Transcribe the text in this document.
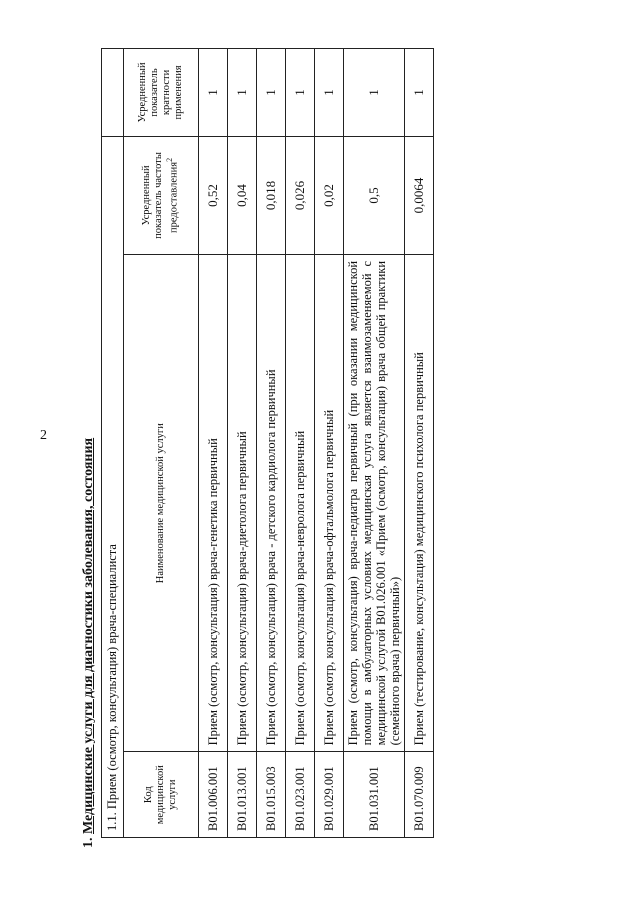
2
1. Медицинские услуги для диагностики заболевания, состояния 1.1. Прием (осмотр, консультация) врача-специалиста			
Код медицинской услуги	Наименование медицинской услуги	Усредненный показатель частоты предоставления$^2$	Усредненный показатель кратности применения
B01.006.001	Прием (осмотр, консультация) врача-генетика первичный	0,52	1
B01.013.001	Прием (осмотр, консультация) врача-диетолога первичный	0,04	1
B01.015.003	Прием (осмотр, консультация) врача - детского кардиолога первичный	0,018	1
B01.023.001	Прием (осмотр, консультация) врача-невролога первичный	0,026	1
B01.029.001	Прием (осмотр, консультация) врача-офтальмолога первичный	0,02	1
B01.031.001	Прием (осмотр, консультация) врача-педиатра первичный (при оказании медицинской помощи в амбулаторных условиях медицинская услуга является взаимозаменяемой с медицинской услугой B01.026.001 «Прием (осмотр, консультация) врача общей практики (семейного врача) первичный»)	0,5	1
B01.070.009	Прием (тестирование, консультация) медицинского психолога первичный	0,0064	1
